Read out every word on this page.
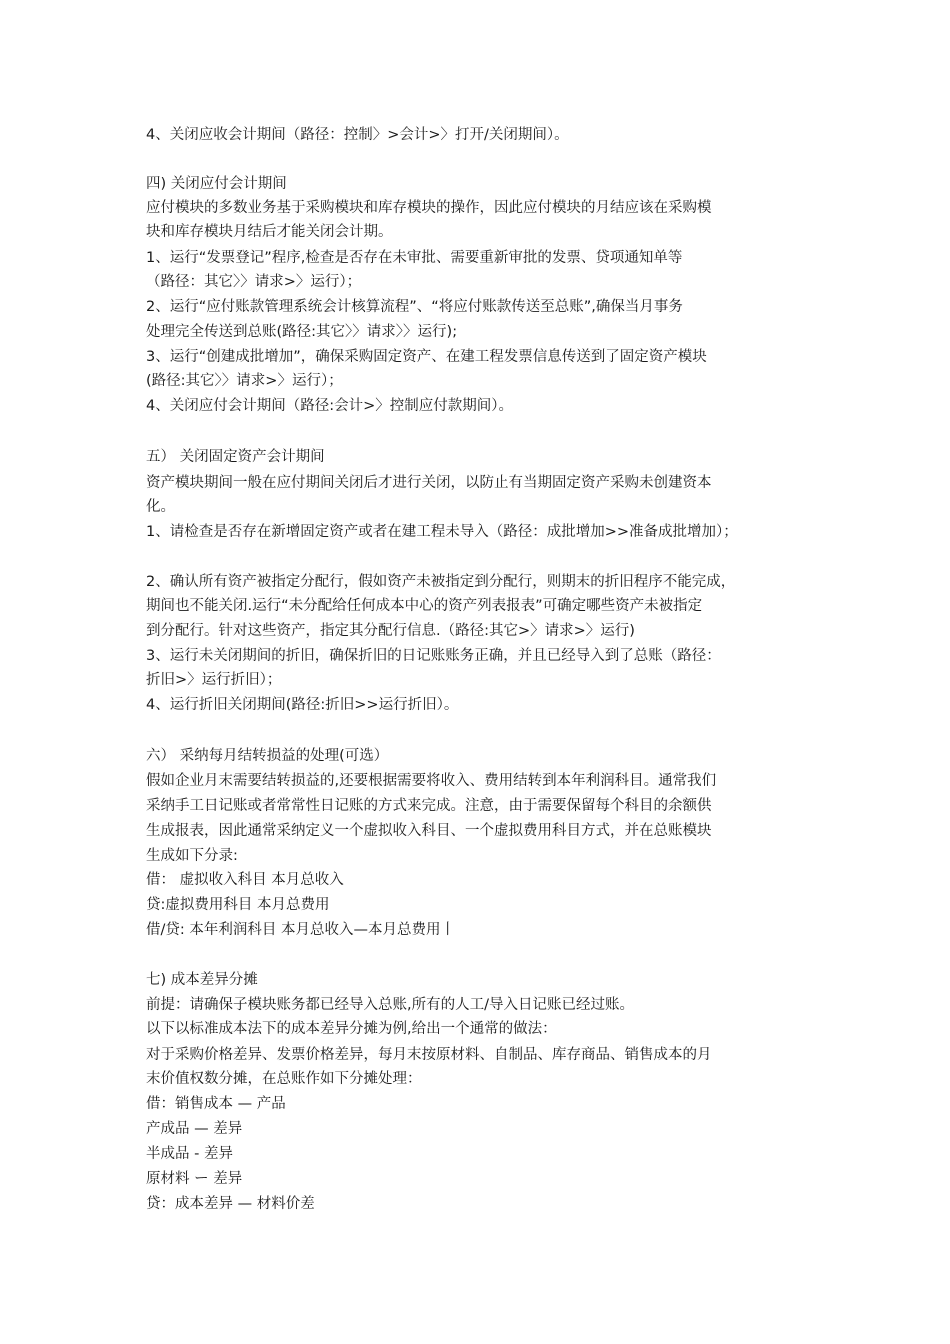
4、关闭应收会计期间（路径：控制〉>会计>〉打开/关闭期间）。
四) 关闭应付会计期间
应付模块的多数业务基于采购模块和库存模块的操作，因此应付模块的月结应该在采购模
块和库存模块月结后才能关闭会计期。
1、运行“发票登记”程序,检查是否存在未审批、需要重新审批的发票、贷项通知单等
（路径：其它〉〉请求>〉运行）；
2、运行“应付账款管理系统会计核算流程”、“将应付账款传送至总账”,确保当月事务
处理完全传送到总账(路径:其它〉〉请求〉〉运行);
3、运行“创建成批增加”，确保采购固定资产、在建工程发票信息传送到了固定资产模块
(路径:其它〉〉请求>〉运行）；
4、关闭应付会计期间（路径:会计>〉控制应付款期间）。
五） 关闭固定资产会计期间
资产模块期间一般在应付期间关闭后才进行关闭，以防止有当期固定资产采购未创建资本
化。
1、请检查是否存在新增固定资产或者在建工程未导入（路径：成批增加>>准备成批增加）；
2、确认所有资产被指定分配行，假如资产未被指定到分配行，则期末的折旧程序不能完成，
期间也不能关闭.运行“未分配给任何成本中心的资产列表报表”可确定哪些资产未被指定
到分配行。针对这些资产，指定其分配行信息.（路径:其它>〉请求>〉运行)
3、运行未关闭期间的折旧，确保折旧的日记账账务正确，并且已经导入到了总账（路径：
折旧>〉运行折旧）；
4、运行折旧关闭期间(路径:折旧>>运行折旧）。
六） 采纳每月结转损益的处理(可选）
假如企业月末需要结转损益的,还要根据需要将收入、费用结转到本年利润科目。通常我们
采纳手工日记账或者常常性日记账的方式来完成。注意，由于需要保留每个科目的余额供
生成报表，因此通常采纳定义一个虚拟收入科目、一个虚拟费用科目方式，并在总账模块
生成如下分录:
借： 虚拟收入科目 本月总收入
贷:虚拟费用科目 本月总费用
借/贷: 本年利润科目 本月总收入—本月总费用丨
七) 成本差异分摊
前提：请确保子模块账务都已经导入总账,所有的人工/导入日记账已经过账。
以下以标准成本法下的成本差异分摊为例,给出一个通常的做法：
对于采购价格差异、发票价格差异，每月末按原材料、自制品、库存商品、销售成本的月
末价值权数分摊，在总账作如下分摊处理：
借：销售成本 — 产品
产成品 — 差异
半成品 - 差异
原材料 ー 差异
贷：成本差异 — 材料价差
